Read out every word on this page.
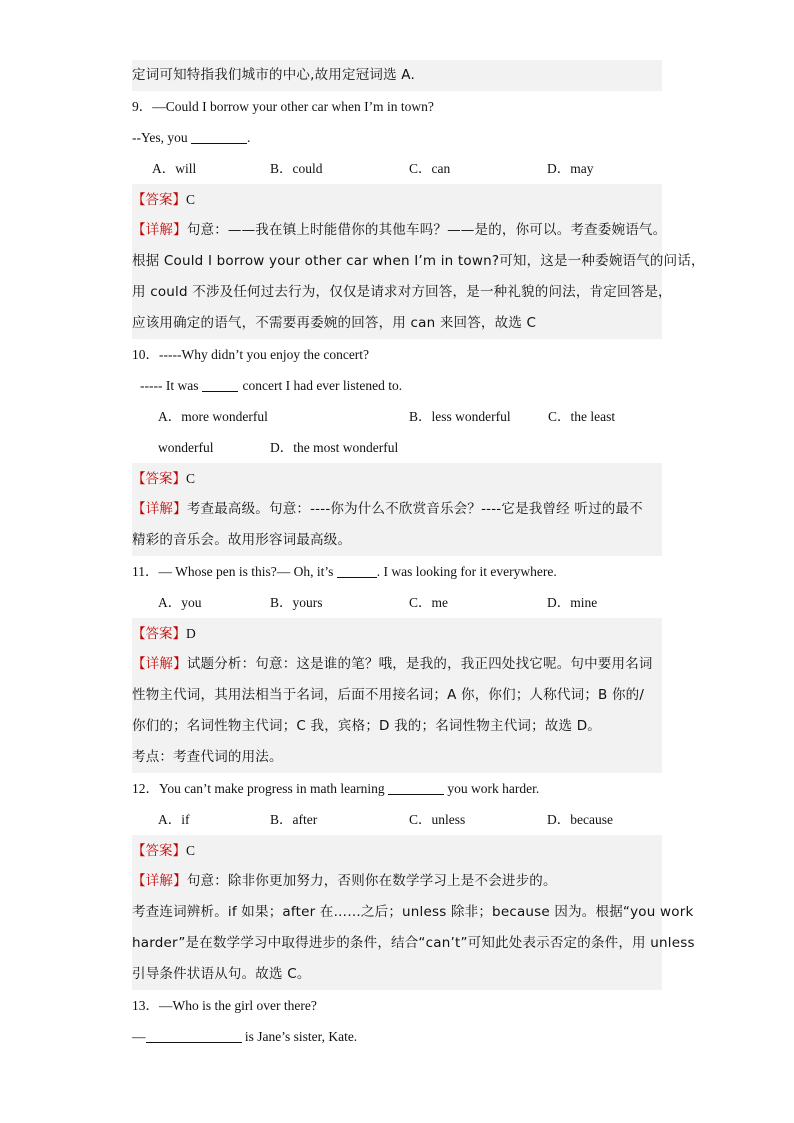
定词可知特指我们城市的中心,故用定冠词选 A.
9．—Could I borrow your other car when I’m in town?
--Yes, you	.
A．will	B．could	C．can	D．may
【答案】C
【详解】句意：——我在镇上时能借你的其他车吗？——是的，你可以。考查委婉语气。
根据 Could I borrow your other car when I’m in town?可知，这是一种委婉语气的问话，
用 could 不涉及任何过去行为，仅仅是请求对方回答，是一种礼貌的问法，肯定回答是，
应该用确定的语气，不需要再委婉的回答，用 can 来回答，故选 C
10．-----Why didn’t you enjoy the concert?
----- It was	concert I had ever listened to.
A．more wonderful	B．less wonderful	C．the least
wonderful	D．the most wonderful
【答案】C
【详解】考查最高级。句意：----你为什么不欣赏音乐会？----它是我曾经 听过的最不
精彩的音乐会。故用形容词最高级。
11．— Whose pen is this?— Oh, it’s	. I was looking for it everywhere.
A．you	B．yours	C．me	D．mine
【答案】D
【详解】试题分析：句意：这是谁的笔？哦，是我的，我正四处找它呢。句中要用名词
性物主代词，其用法相当于名词，后面不用接名词；A 你，你们；人称代词；B 你的/
你们的；名词性物主代词；C 我，宾格；D 我的；名词性物主代词；故选 D。
考点：考查代词的用法。
12．You can’t make progress in math learning	you work harder.
A．if	B．after	C．unless	D．because
【答案】C
【详解】句意：除非你更加努力，否则你在数学学习上是不会进步的。
考查连词辨析。if 如果；after 在……之后；unless 除非；because 因为。根据“you work
harder”是在数学学习中取得进步的条件，结合“can’t”可知此处表示否定的条件，用 unless
引导条件状语从句。故选 C。
13．—Who is the girl over there?
—	is Jane’s sister, Kate.
